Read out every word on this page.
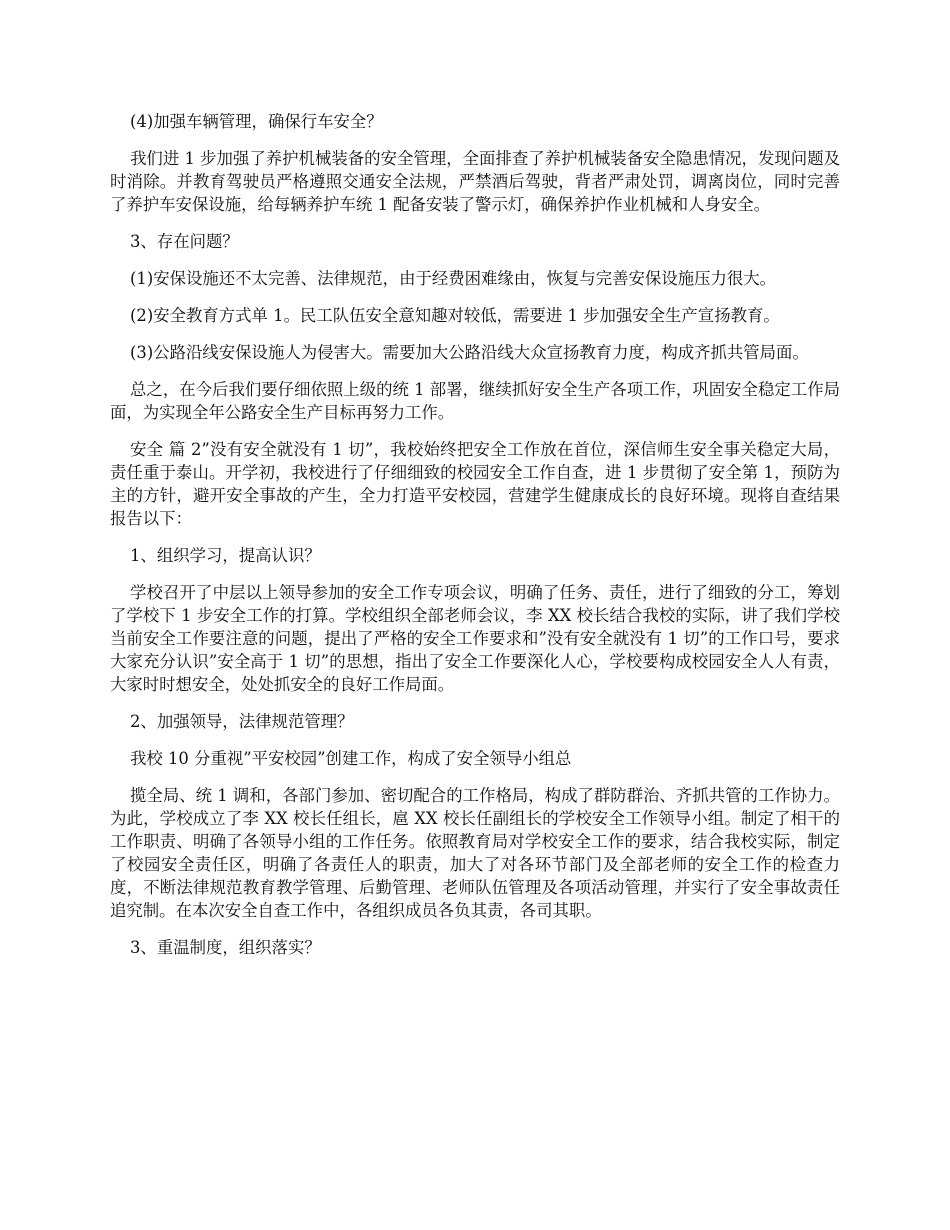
(4)加强车辆管理，确保行车安全？

我们进 1 步加强了养护机械装备的安全管理，全面排查了养护机械装备安全隐患情况，发现问题及时消除。并教育驾驶员严格遵照交通安全法规，严禁酒后驾驶，背者严肃处罚，调离岗位，同时完善了养护车安保设施，给每辆养护车统 1 配备安装了警示灯，确保养护作业机械和人身安全。

3、存在问题？

(1)安保设施还不太完善、法律规范，由于经费困难缘由，恢复与完善安保设施压力很大。

(2)安全教育方式单 1。民工队伍安全意知趣对较低，需要进 1 步加强安全生产宣扬教育。

(3)公路沿线安保设施人为侵害大。需要加大公路沿线大众宣扬教育力度，构成齐抓共管局面。

总之，在今后我们要仔细依照上级的统 1 部署，继续抓好安全生产各项工作，巩固安全稳定工作局面，为实现全年公路安全生产目标再努力工作。

安全 篇 2”没有安全就没有 1 切”，我校始终把安全工作放在首位，深信师生安全事关稳定大局，责任重于泰山。开学初，我校进行了仔细细致的校园安全工作自查，进 1 步贯彻了安全第 1，预防为主的方针，避开安全事故的产生，全力打造平安校园，营建学生健康成长的良好环境。现将自查结果报告以下：

1、组织学习，提高认识？

学校召开了中层以上领导参加的安全工作专项会议，明确了任务、责任，进行了细致的分工，筹划了学校下 1 步安全工作的打算。学校组织全部老师会议，李 XX 校长结合我校的实际，讲了我们学校当前安全工作要注意的问题，提出了严格的安全工作要求和”没有安全就没有 1 切”的工作口号，要求大家充分认识”安全高于 1 切”的思想，指出了安全工作要深化人心，学校要构成校园安全人人有责，大家时时想安全，处处抓安全的良好工作局面。

2、加强领导，法律规范管理？

我校 10 分重视”平安校园”创建工作，构成了安全领导小组总

揽全局、统 1 调和，各部门参加、密切配合的工作格局，构成了群防群治、齐抓共管的工作协力。为此，学校成立了李 XX 校长任组长，扈 XX 校长任副组长的学校安全工作领导小组。制定了相干的工作职责、明确了各领导小组的工作任务。依照教育局对学校安全工作的要求，结合我校实际，制定了校园安全责任区，明确了各责任人的职责，加大了对各环节部门及全部老师的安全工作的检查力度，不断法律规范教育教学管理、后勤管理、老师队伍管理及各项活动管理，并实行了安全事故责任追究制。在本次安全自查工作中，各组织成员各负其责，各司其职。

3、重温制度，组织落实？
